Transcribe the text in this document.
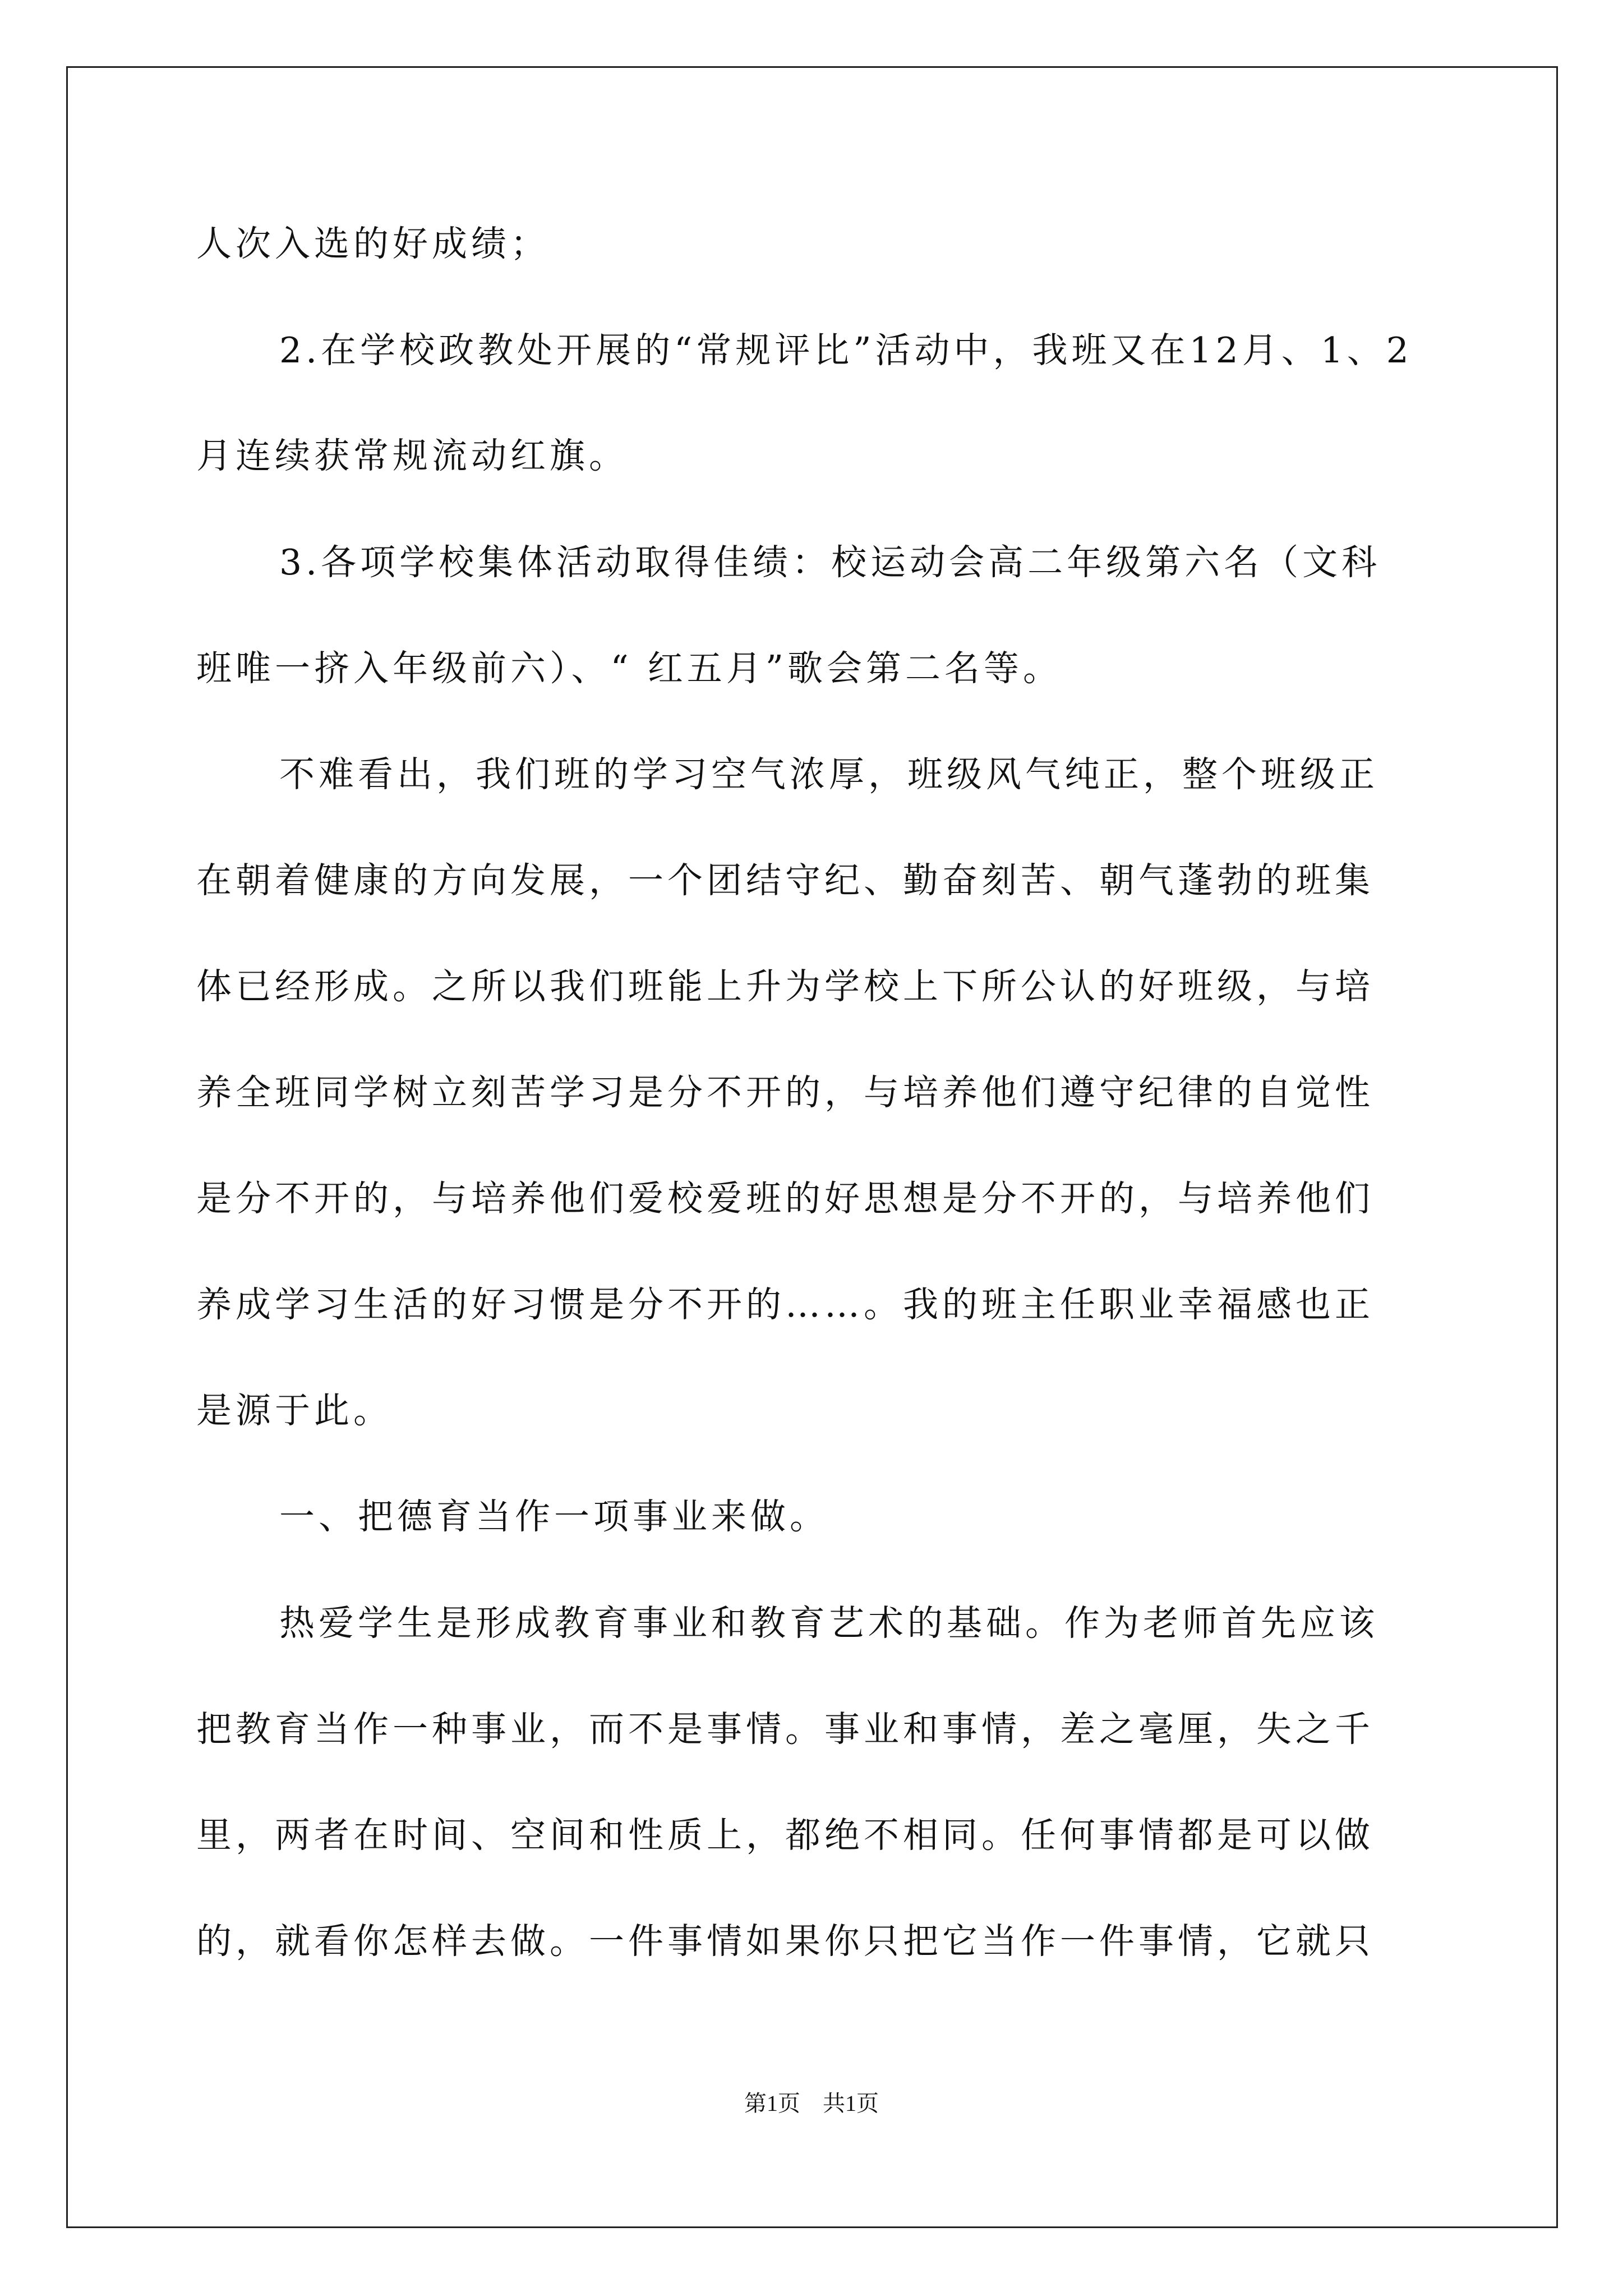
人次入选的好成绩；
2.在学校政教处开展的“常规评比”活动中，我班又在12月、1、2
月连续获常规流动红旗。
3.各项学校集体活动取得佳绩：校运动会高二年级第六名（文科
班唯一挤入年级前六）、“ 红五月”歌会第二名等。
不难看出，我们班的学习空气浓厚，班级风气纯正，整个班级正
在朝着健康的方向发展，一个团结守纪、勤奋刻苦、朝气蓬勃的班集
体已经形成。之所以我们班能上升为学校上下所公认的好班级，与培
养全班同学树立刻苦学习是分不开的，与培养他们遵守纪律的自觉性
是分不开的，与培养他们爱校爱班的好思想是分不开的，与培养他们
养成学习生活的好习惯是分不开的……。我的班主任职业幸福感也正
是源于此。
一、把德育当作一项事业来做。
热爱学生是形成教育事业和教育艺术的基础。作为老师首先应该
把教育当作一种事业，而不是事情。事业和事情，差之毫厘，失之千
里，两者在时间、空间和性质上，都绝不相同。任何事情都是可以做
的，就看你怎样去做。一件事情如果你只把它当作一件事情，它就只
第1页　共1页
